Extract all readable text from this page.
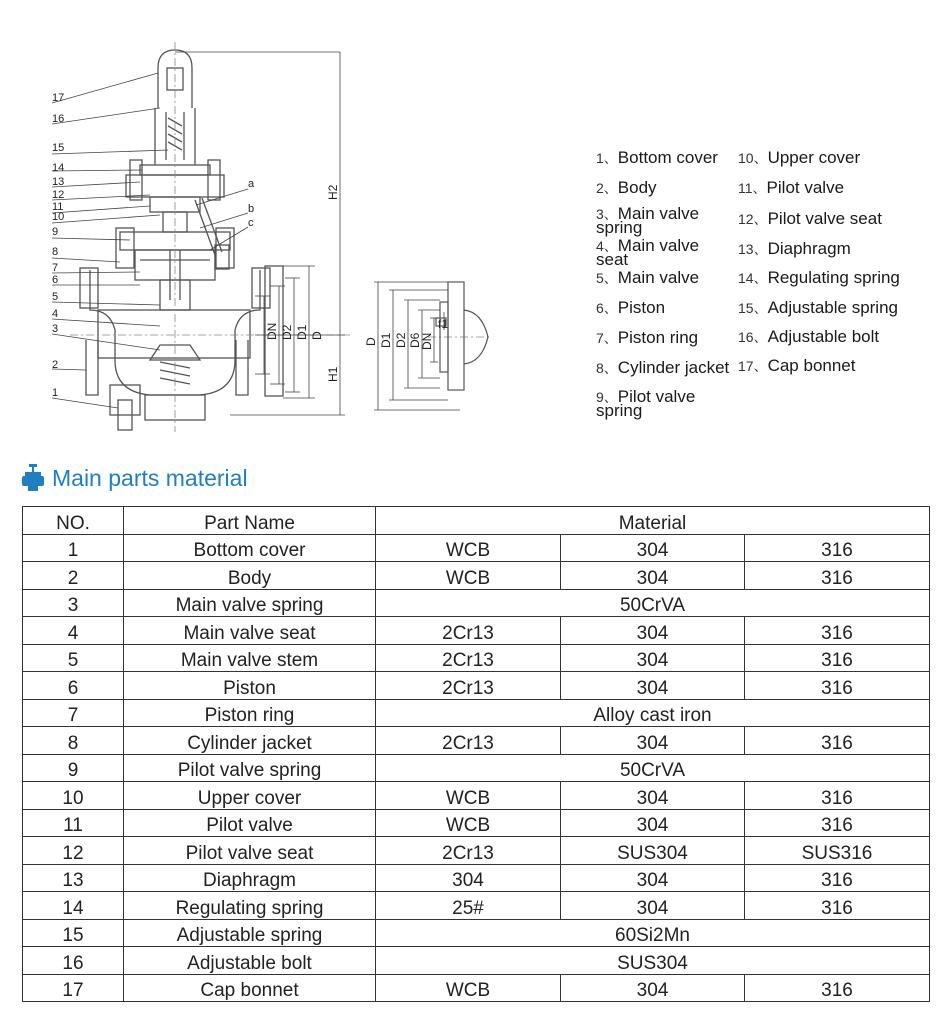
17
16
15
14
13
12
11
10
9
8
7
6
5
4
3
2
1
a
b
c
DN D2 D1 D
H2
H1
D D1 D2 D6
DN
f1
1、Bottom cover
2、Body
3、Main valve spring
4、Main valve seat
5、Main valve
6、Piston
7、Piston ring
8、Cylinder jacket
9、Pilot valve spring
10、Upper cover
11、Pilot valve
12、Pilot valve seat
13、Diaphragm
14、Regulating spring
15、Adjustable spring
16、Adjustable bolt
17、Cap bonnet
Main parts material
NO.	Part Name	Material		
1	Bottom cover	WCB	304	316
2	Body	WCB	304	316
3	Main valve spring	50CrVA		
4	Main valve seat	2Cr13	304	316
5	Main valve stem	2Cr13	304	316
6	Piston	2Cr13	304	316
7	Piston ring	Alloy cast iron		
8	Cylinder jacket	2Cr13	304	316
9	Pilot valve spring	50CrVA		
10	Upper cover	WCB	304	316
11	Pilot valve	WCB	304	316
12	Pilot valve seat	2Cr13	SUS304	SUS316
13	Diaphragm	304	304	316
14	Regulating spring	25#	304	316
15	Adjustable spring	60Si2Mn		
16	Adjustable bolt	SUS304		
17	Cap bonnet	WCB	304	316
